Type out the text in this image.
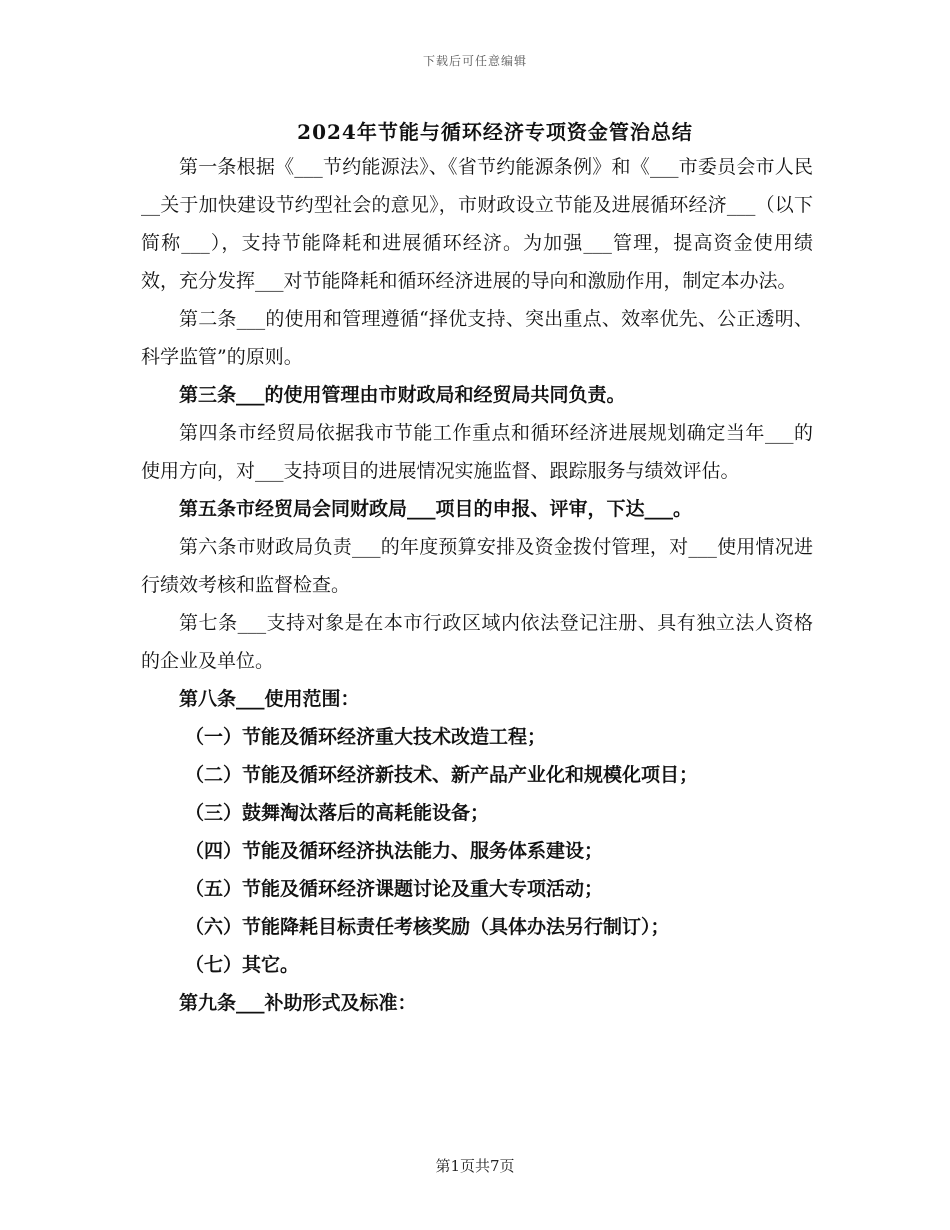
下载后可任意编辑
2024年节能与循环经济专项资金管治总结

第一条根据《___节约能源法》、《省节约能源条例》和《___市委员会市人民__关于加快建设节约型社会的意见》，市财政设立节能及进展循环经济___（以下简称___），支持节能降耗和进展循环经济。为加强___管理，提高资金使用绩效，充分发挥___对节能降耗和循环经济进展的导向和激励作用，制定本办法。

第二条___的使用和管理遵循“择优支持、突出重点、效率优先、公正透明、科学监管”的原则。

第三条___的使用管理由市财政局和经贸局共同负责。

第四条市经贸局依据我市节能工作重点和循环经济进展规划确定当年___的使用方向，对___支持项目的进展情况实施监督、跟踪服务与绩效评估。

第五条市经贸局会同财政局___项目的申报、评审，下达___。

第六条市财政局负责___的年度预算安排及资金拨付管理，对___使用情况进行绩效考核和监督检查。

第七条___支持对象是在本市行政区域内依法登记注册、具有独立法人资格的企业及单位。

第八条___使用范围：

（一）节能及循环经济重大技术改造工程；

（二）节能及循环经济新技术、新产品产业化和规模化项目；

（三）鼓舞淘汰落后的高耗能设备；

（四）节能及循环经济执法能力、服务体系建设；

（五）节能及循环经济课题讨论及重大专项活动；

（六）节能降耗目标责任考核奖励（具体办法另行制订）；

（七）其它。

第九条___补助形式及标准：

第1页共7页
